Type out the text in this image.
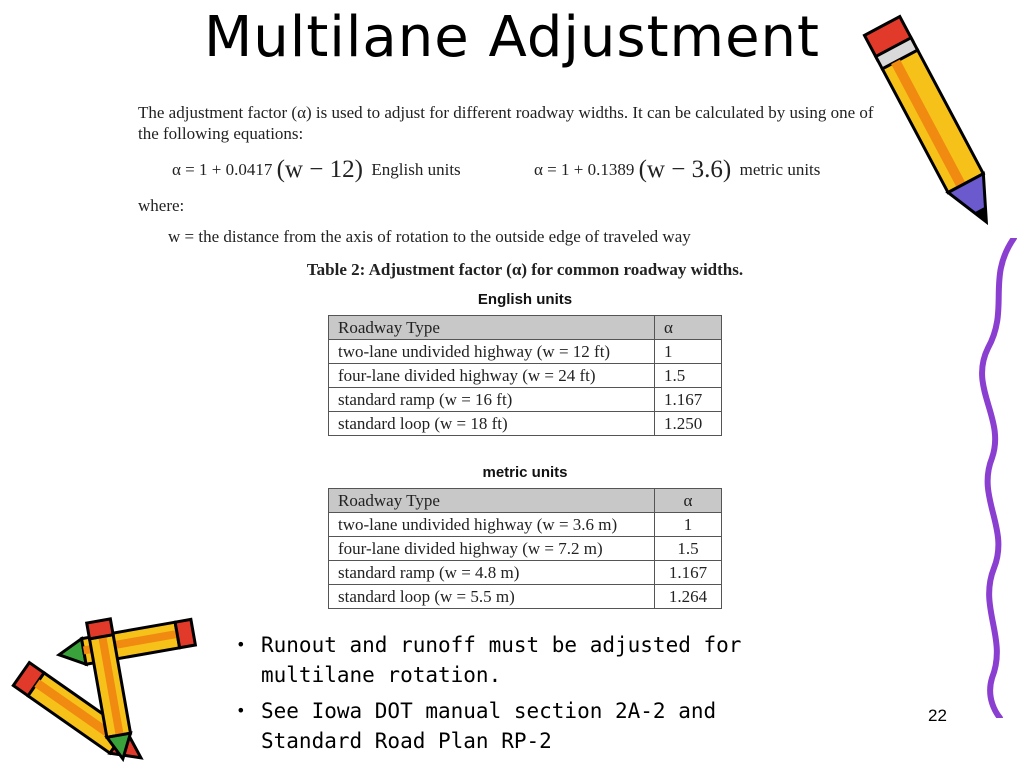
Multilane Adjustment
The adjustment factor (α) is used to adjust for different roadway widths. It can be calculated by using one of the following equations:
α = 1 + 0.0417 (w − 12) English units	α = 1 + 0.1389 (w − 3.6) metric units
where:
w = the distance from the axis of rotation to the outside edge of traveled way
Table 2: Adjustment factor (α) for common roadway widths.
English units
Roadway Type	α
two-lane undivided highway (w = 12 ft)	1
four-lane divided highway (w = 24 ft)	1.5
standard ramp (w = 16 ft)	1.167
standard loop (w = 18 ft)	1.250
metric units
Roadway Type	α
two-lane undivided highway (w = 3.6 m)	1
four-lane divided highway (w = 7.2 m)	1.5
standard ramp (w = 4.8 m)	1.167
standard loop (w = 5.5 m)	1.264
• Runout and runoff must be adjusted for multilane rotation.
• See Iowa DOT manual section 2A-2 and Standard Road Plan RP-2
22
